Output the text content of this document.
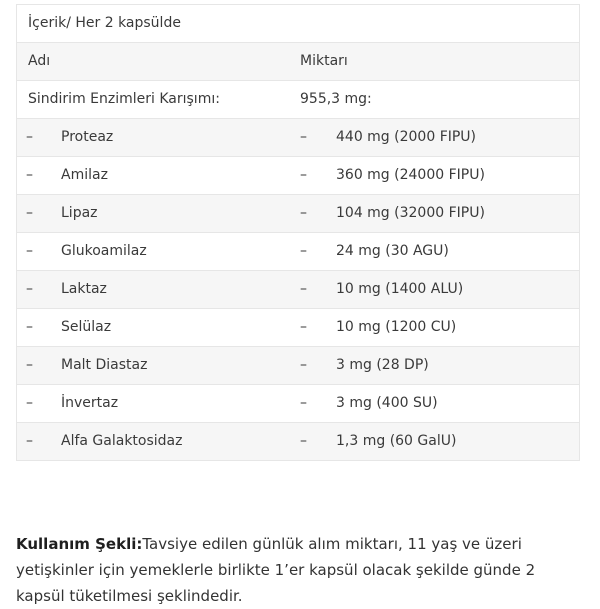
İçerik/ Her 2 kapsülde
Adı	Miktarı
Sindirim Enzimleri Karışımı:	955,3 mg:
– Proteaz	– 440 mg (2000 FIPU)
– Amilaz	– 360 mg (24000 FIPU)
– Lipaz	– 104 mg (32000 FIPU)
– Glukoamilaz	– 24 mg (30 AGU)
– Laktaz	– 10 mg (1400 ALU)
– Selülaz	– 10 mg (1200 CU)
– Malt Diastaz	– 3 mg (28 DP)
– İnvertaz	– 3 mg (400 SU)
– Alfa Galaktosidaz	– 1,3 mg (60 GalU)

Kullanım Şekli:Tavsiye edilen günlük alım miktarı, 11 yaş ve üzeri yetişkinler için yemeklerle birlikte 1’er kapsül olacak şekilde günde 2 kapsül tüketilmesi şeklindedir.
